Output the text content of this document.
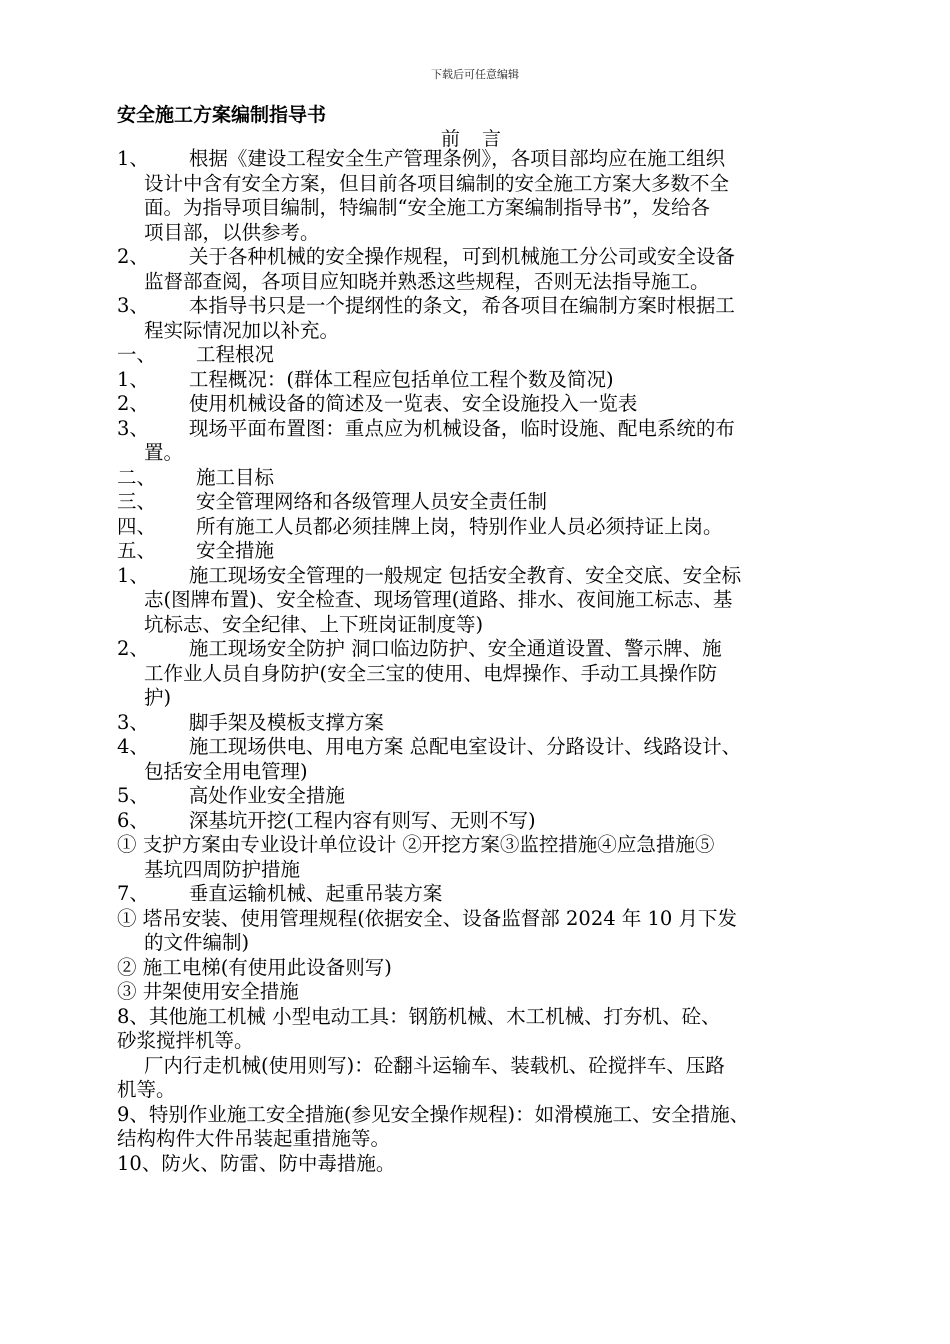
下载后可任意编辑
安全施工方案编制指导书
前 言
1、 根据《建设工程安全生产管理条例》，各项目部均应在施工组织
设计中含有安全方案，但目前各项目编制的安全施工方案大多数不全
面。为指导项目编制，特编制“安全施工方案编制指导书”，发给各
项目部，以供参考。
2、 关于各种机械的安全操作规程，可到机械施工分公司或安全设备
监督部查阅，各项目应知晓并熟悉这些规程，否则无法指导施工。
3、 本指导书只是一个提纲性的条文，希各项目在编制方案时根据工
程实际情况加以补充。
一、 工程根况
1、 工程概况：(群体工程应包括单位工程个数及简况)
2、 使用机械设备的简述及一览表、安全设施投入一览表
3、 现场平面布置图：重点应为机械设备，临时设施、配电系统的布
置。
二、 施工目标
三、 安全管理网络和各级管理人员安全责任制
四、 所有施工人员都必须挂牌上岗，特别作业人员必须持证上岗。
五、 安全措施
1、 施工现场安全管理的一般规定 包括安全教育、安全交底、安全标
志(图牌布置)、安全检查、现场管理(道路、排水、夜间施工标志、基
坑标志、安全纪律、上下班岗证制度等)
2、 施工现场安全防护 洞口临边防护、安全通道设置、警示牌、施
工作业人员自身防护(安全三宝的使用、电焊操作、手动工具操作防
护)
3、 脚手架及模板支撑方案
4、 施工现场供电、用电方案 总配电室设计、分路设计、线路设计、
包括安全用电管理)
5、 高处作业安全措施
6、 深基坑开挖(工程内容有则写、无则不写)
① 支护方案由专业设计单位设计 ②开挖方案③监控措施④应急措施⑤
基坑四周防护措施
7、 垂直运输机械、起重吊装方案
① 塔吊安装、使用管理规程(依据安全、设备监督部 2024 年 10 月下发
的文件编制)
② 施工电梯(有使用此设备则写)
③ 井架使用安全措施
8、其他施工机械 小型电动工具：钢筋机械、木工机械、打夯机、砼、
砂浆搅拌机等。
厂内行走机械(使用则写)：砼翻斗运输车、装载机、砼搅拌车、压路
机等。
9、特别作业施工安全措施(参见安全操作规程)：如滑模施工、安全措施、
结构构件大件吊装起重措施等。
10、防火、防雷、防中毒措施。
